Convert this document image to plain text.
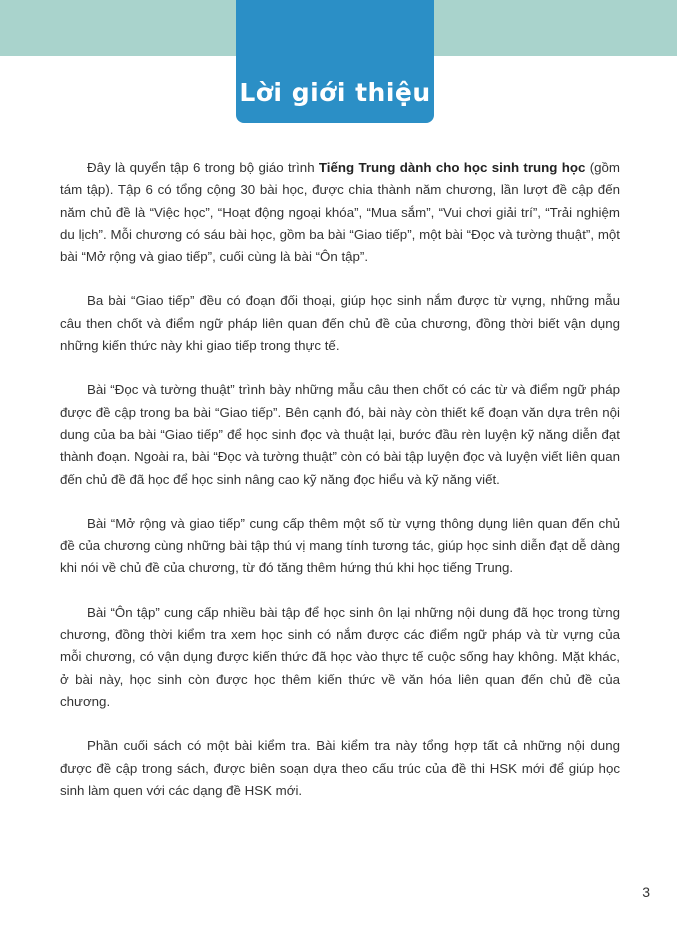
Lời giới thiệu

Đây là quyển tập 6 trong bộ giáo trình Tiếng Trung dành cho học sinh trung học (gồm tám tập). Tập 6 có tổng cộng 30 bài học, được chia thành năm chương, lần lượt đề cập đến năm chủ đề là “Việc học”, “Hoạt động ngoại khóa”, “Mua sắm”, “Vui chơi giải trí”, “Trải nghiệm du lịch”. Mỗi chương có sáu bài học, gồm ba bài “Giao tiếp”, một bài “Đọc và tường thuật”, một bài “Mở rộng và giao tiếp”, cuối cùng là bài “Ôn tập”.

Ba bài “Giao tiếp” đều có đoạn đối thoại, giúp học sinh nắm được từ vựng, những mẫu câu then chốt và điểm ngữ pháp liên quan đến chủ đề của chương, đồng thời biết vận dụng những kiến thức này khi giao tiếp trong thực tế.

Bài “Đọc và tường thuật” trình bày những mẫu câu then chốt có các từ và điểm ngữ pháp được đề cập trong ba bài “Giao tiếp”. Bên cạnh đó, bài này còn thiết kế đoạn văn dựa trên nội dung của ba bài “Giao tiếp” để học sinh đọc và thuật lại, bước đầu rèn luyện kỹ năng diễn đạt thành đoạn. Ngoài ra, bài “Đọc và tường thuật” còn có bài tập luyện đọc và luyện viết liên quan đến chủ đề đã học để học sinh nâng cao kỹ năng đọc hiểu và kỹ năng viết.

Bài “Mở rộng và giao tiếp” cung cấp thêm một số từ vựng thông dụng liên quan đến chủ đề của chương cùng những bài tập thú vị mang tính tương tác, giúp học sinh diễn đạt dễ dàng khi nói về chủ đề của chương, từ đó tăng thêm hứng thú khi học tiếng Trung.

Bài “Ôn tập” cung cấp nhiều bài tập để học sinh ôn lại những nội dung đã học trong từng chương, đồng thời kiểm tra xem học sinh có nắm được các điểm ngữ pháp và từ vựng của mỗi chương, có vận dụng được kiến thức đã học vào thực tế cuộc sống hay không. Mặt khác, ở bài này, học sinh còn được học thêm kiến thức về văn hóa liên quan đến chủ đề của chương.

Phần cuối sách có một bài kiểm tra. Bài kiểm tra này tổng hợp tất cả những nội dung được đề cập trong sách, được biên soạn dựa theo cấu trúc của đề thi HSK mới để giúp học sinh làm quen với các dạng đề HSK mới.

3
